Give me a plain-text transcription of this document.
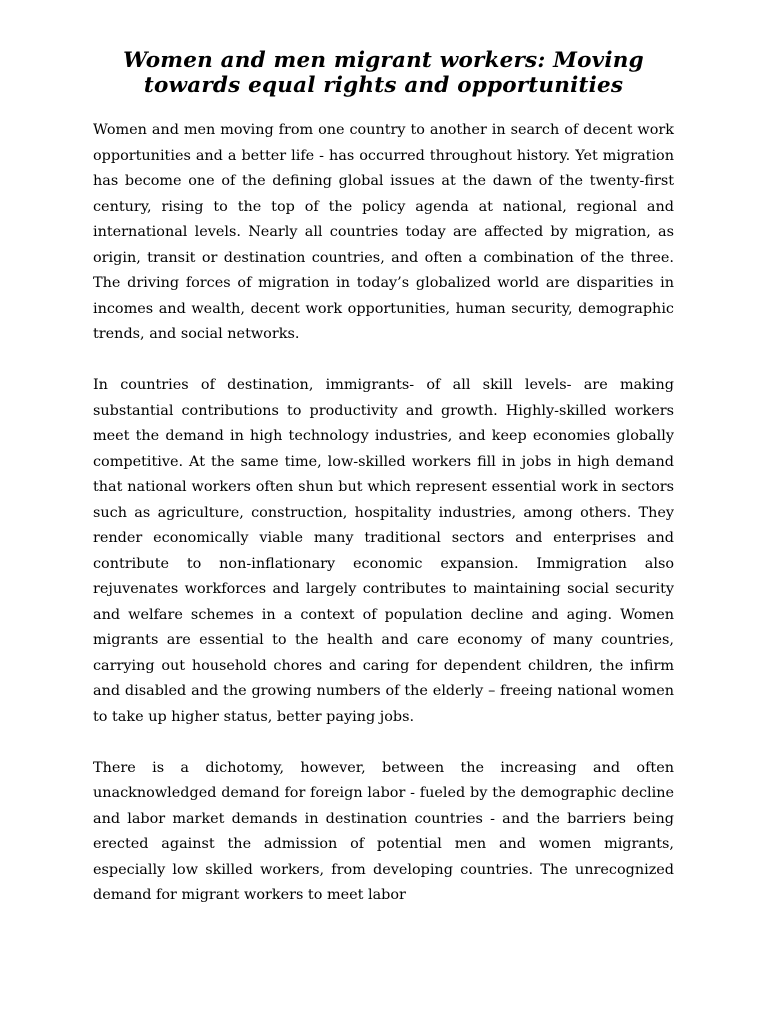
Women and men migrant workers: Moving
towards equal rights and opportunities

Women and men moving from one country to another in search of decent work opportunities and a better life - has occurred throughout history. Yet migration has become one of the defining global issues at the dawn of the twenty-first century, rising to the top of the policy agenda at national, regional and international levels. Nearly all countries today are affected by migration, as origin, transit or destination countries, and often a combination of the three. The driving forces of migration in today’s globalized world are disparities in incomes and wealth, decent work opportunities, human security, demographic trends, and social networks.

In countries of destination, immigrants- of all skill levels- are making substantial contributions to productivity and growth. Highly-skilled workers meet the demand in high technology industries, and keep economies globally competitive. At the same time, low-skilled workers fill in jobs in high demand that national workers often shun but which represent essential work in sectors such as agriculture, construction, hospitality industries, among others. They render economically viable many traditional sectors and enterprises and contribute to non-inflationary economic expansion. Immigration also rejuvenates workforces and largely contributes to maintaining social security and welfare schemes in a context of population decline and aging. Women migrants are essential to the health and care economy of many countries, carrying out household chores and caring for dependent children, the infirm and disabled and the growing numbers of the elderly – freeing national women to take up higher status, better paying jobs.

There is a dichotomy, however, between the increasing and often unacknowledged demand for foreign labor - fueled by the demographic decline and labor market demands in destination countries - and the barriers being erected against the admission of potential men and women migrants, especially low skilled workers, from developing countries. The unrecognized demand for migrant workers to meet labor
